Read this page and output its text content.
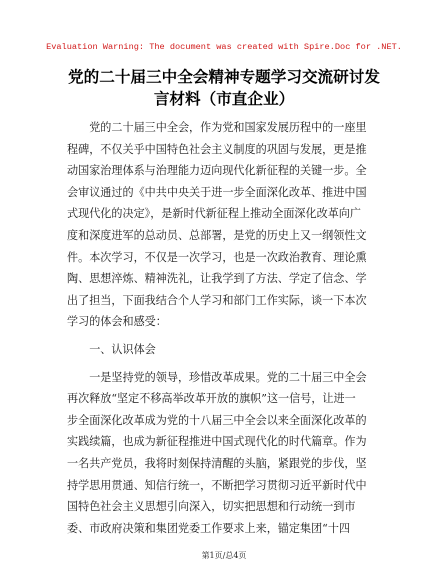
Evaluation Warning: The document was created with Spire.Doc for .NET.
党的二十届三中全会精神专题学习交流研讨发
言材料（市直企业）
　　党的二十届三中全会，作为党和国家发展历程中的一座里
程碑，不仅关乎中国特色社会主义制度的巩固与发展，更是推
动国家治理体系与治理能力迈向现代化新征程的关键一步。全
会审议通过的《中共中央关于进一步全面深化改革、推进中国
式现代化的决定》，是新时代新征程上推动全面深化改革向广
度和深度进军的总动员、总部署，是党的历史上又一纲领性文
件。本次学习，不仅是一次学习，也是一次政治教育、理论熏
陶、思想淬炼、精神洗礼，让我学到了方法、学定了信念、学
出了担当，下面我结合个人学习和部门工作实际，谈一下本次
学习的体会和感受：
　　一、认识体会
　　一是坚持党的领导，珍惜改革成果。党的二十届三中全会
再次释放“坚定不移高举改革开放的旗帜”这一信号，让进一
步全面深化改革成为党的十八届三中全会以来全面深化改革的
实践续篇，也成为新征程推进中国式现代化的时代篇章。作为
一名共产党员，我将时刻保持清醒的头脑，紧跟党的步伐，坚
持学思用贯通、知信行统一，不断把学习贯彻习近平新时代中
国特色社会主义思想引向深入，切实把思想和行动统一到市
委、市政府决策和集团党委工作要求上来，锚定集团“十四
第1页/总4页
